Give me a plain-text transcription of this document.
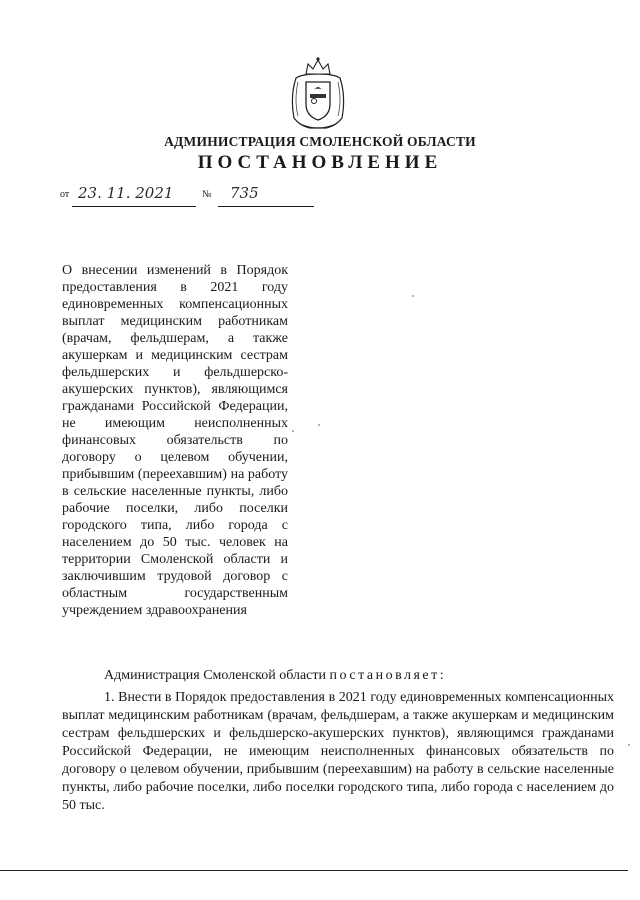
АДМИНИСТРАЦИЯ СМОЛЕНСКОЙ ОБЛАСТИ
ПОСТАНОВЛЕНИЕ
от 23. 11. 2021	№ 735
О внесении изменений в Порядок предоставления в 2021 году единовременных компенсационных выплат медицинским работникам (врачам, фельдшерам, а также акушеркам и медицинским сестрам фельдшерских и фельдшерско-акушерских пунктов), являющимся гражданами Российской Федерации, не имеющим неисполненных финансовых обязательств по договору о целевом обучении, прибывшим (переехавшим) на работу в сельские населенные пункты, либо рабочие поселки, либо поселки городского типа, либо города с населением до 50 тыс. человек на территории Смоленской области и заключившим трудовой договор с областным государственным учреждением здравоохранения
Администрация Смоленской области постановляет:
1. Внести в Порядок предоставления в 2021 году единовременных компенсационных выплат медицинским работникам (врачам, фельдшерам, а также акушеркам и медицинским сестрам фельдшерских и фельдшерско-акушерских пунктов), являющимся гражданами Российской Федерации, не имеющим неисполненных финансовых обязательств по договору о целевом обучении, прибывшим (переехавшим) на работу в сельские населенные пункты, либо рабочие поселки, либо поселки городского типа, либо города с населением до 50 тыс.
